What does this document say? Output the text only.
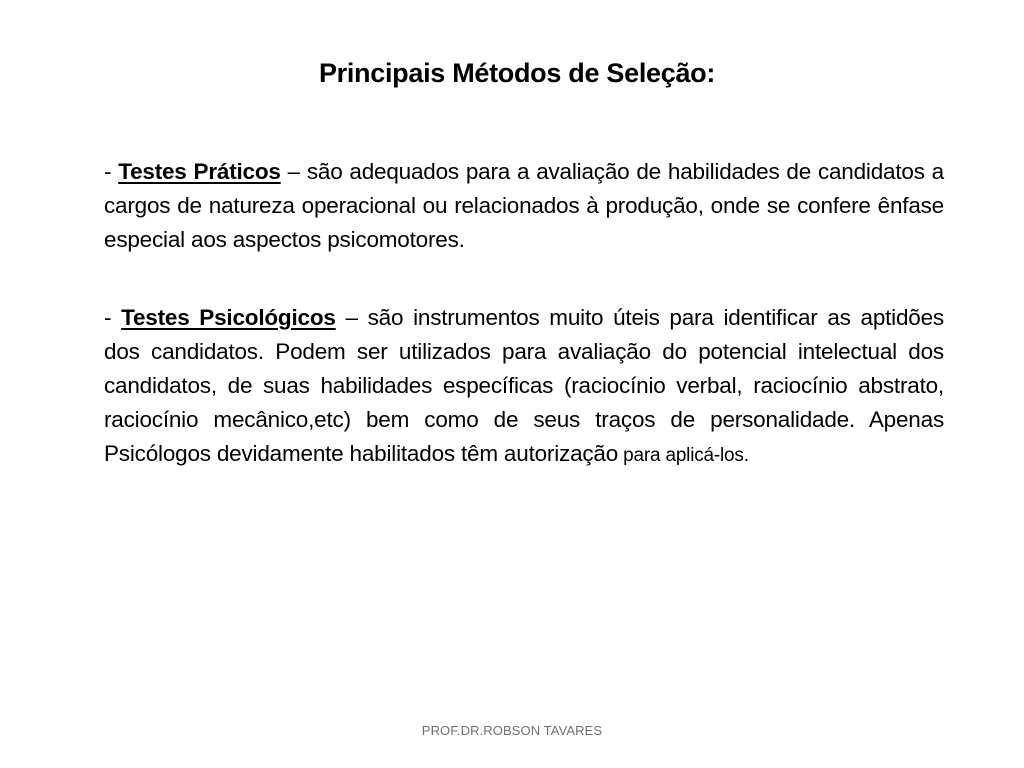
Principais Métodos de Seleção:

- Testes Práticos – são adequados para a avaliação de habilidades de candidatos a cargos de natureza operacional ou relacionados à produção, onde se confere ênfase especial aos aspectos psicomotores.

- Testes Psicológicos – são instrumentos muito úteis para identificar as aptidões dos candidatos. Podem ser utilizados para avaliação do potencial intelectual dos candidatos, de suas habilidades específicas (raciocínio verbal, raciocínio abstrato, raciocínio mecânico,etc) bem como de seus traços de personalidade. Apenas Psicólogos devidamente habilitados têm autorização para aplicá-los.

PROF.DR.ROBSON TAVARES
